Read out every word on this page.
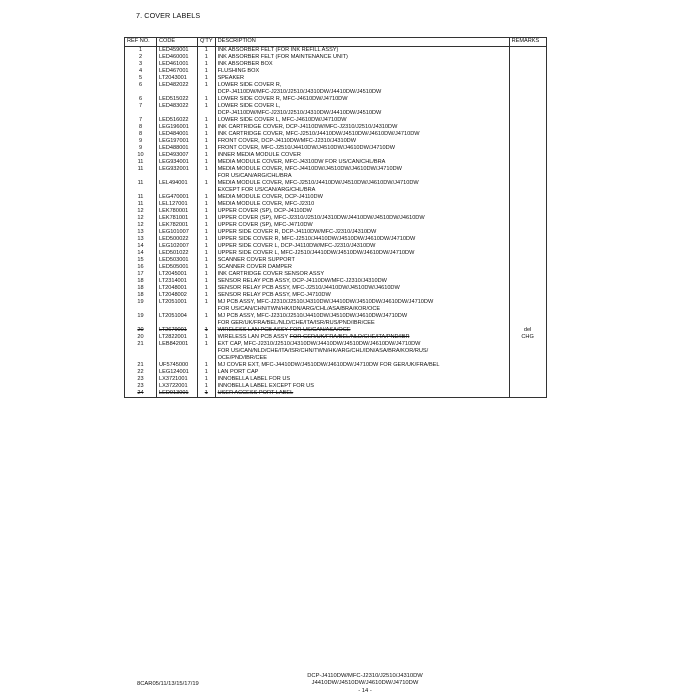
7. COVER LABELS
REF NO.	CODE	Q'TY	DESCRIPTION	REMARKS
1	LED459001	1	INK ABSORBER FELT (FOR INK REFILL ASSY)	
2	LED460001	1	INK ABSORBER FELT (FOR MAINTENANCE UNIT)	
3	LED461001	1	INK ABSORBER BOX	
4	LED467001	1	FLUSHING BOX	
5	LT2043001	1	SPEAKER	
6	LED482022	1	LOWER SIDE COVER R,	
			DCP-J4110DW/MFC-J2310/J2510/J4310DW/J4410DW/J4510DW	
6	LED515022	1	LOWER SIDE COVER R, MFC-J4610DW/J4710DW	
7	LED483022	1	LOWER SIDE COVER L,	
			DCP-J4110DW/MFC-J2310/J2510/J4310DW/J4410DW/J4510DW	
7	LED516022	1	LOWER SIDE COVER L, MFC-J4610DW/J4710DW	
8	LEG196001	1	INK CARTRIDGE COVER, DCP-J4110DW/MFC-J2310/J2510/J4310DW	
8	LED484001	1	INK CARTRIDGE COVER, MFC-J2510/J4410DW/J4510DW/J4610DW/J4710DW	
9	LEG197001	1	FRONT COVER, DCP-J4110DW/MFC-J2310/J4310DW	
9	LED488001	1	FRONT COVER, MFC-J2510/J4410DW/J4510DW/J4610DW/J4710DW	
10	LED493007	1	INNER MEDIA MODULE COVER	
11	LEG934001	1	MEDIA MODULE COVER, MFC-J4310DW FOR US/CAN/CHL/BRA	
11	LEG932001	1	MEDIA MODULE COVER, MFC-J4410DW/J4510DW/J4610DW/J4710DW	
			FOR US/CAN/ARG/CHL/BRA	
11	LEL494001	1	MEDIA MODULE COVER, MFC-J2510/J4410DW/J4510DW/J4610DW/J4710DW	
			EXCEPT FOR US/CAN/ARG/CHL/BRA	
11	LEG470001	1	MEDIA MODULE COVER, DCP-J4110DW	
11	LEL127001	1	MEDIA MODULE COVER, MFC-J2310	
12	LEK780001	1	UPPER COVER (SP), DCP-J4110DW	
12	LEK781001	1	UPPER COVER (SP), MFC-J2310/J2510/J4310DW/J4410DW/J4510DW/J4610DW	
12	LEK782001	1	UPPER COVER (SP), MFC-J4710DW	
13	LEG101007	1	UPPER SIDE COVER R, DCP-J4110DW/MFC-J2310/J4310DW	
13	LED500022	1	UPPER SIDE COVER R, MFC-J2510/J4410DW/J4510DW/J4610DW/J4710DW	
14	LEG102007	1	UPPER SIDE COVER L, DCP-J4110DW/MFC-J2310/J4310DW	
14	LED501022	1	UPPER SIDE COVER L, MFC-J2510/J4410DW/J4510DW/J4610DW/J4710DW	
15	LED503001	1	SCANNER COVER SUPPORT	
16	LED505001	1	SCANNER COVER DAMPER	
17	LT2045001	1	INK CARTRIDGE COVER SENSOR ASSY	
18	LT2314001	1	SENSOR RELAY PCB ASSY, DCP-J4110DW/MFC-J2310/J4310DW	
18	LT2048001	1	SENSOR RELAY PCB ASSY, MFC-J2510/J4410DW/J4510DW/J4610DW	
18	LT2048002	1	SENSOR RELAY PCB ASSY, MFC-J4710DW	
19	LT2051001	1	MJ PCB ASSY, MFC-J2310/J2510/J4310DW/J4410DW/J4510DW/J4610DW/J4710DW	
			FOR US/CAN/CHN/TWN/HK/IDN/ARG/CHL/ASA/BRA/KOR/OCE	
19	LT2051004	1	MJ PCB ASSY, MFC-J2310/J2510/J4410DW/J4510DW/J4610DW/J4710DW	
			FOR GER/UK/FRA/BEL/NLD/CHE/ITA/ISR/RUS/PND/IBR/CEE	
20	LT2679001	1	WIRELESS LAN PCB ASSY FOR US/CAN/ASA/OCE	del
20	LT2822001	1	WIRELESS LAN PCB ASSY FOR GER/UK/FRA/BEL/NLD/CHE/ITA/PND/IBR	CHG
21	LEB842001	1	EXT CAP, MFC-J2310/J2510/J4310DW/J4410DW/J4510DW/J4610DW/J4710DW	
			FOR US/CAN/NLD/CHE/ITA/ISR/CHN/TWN/HK/ARG/CHL/IDN/ASA/BRA/KOR/RUS/	
			OCE/PND/IBR/CEE	
21	UF5745000	1	MJ COVER EXT, MFC-J4410DW/J4510DW/J4610DW/J4710DW FOR GER/UK/FRA/BEL	
22	LEG124001	1	LAN PORT CAP	
23	LX3721001	1	INNOBELLA LABEL FOR US	
23	LX3722001	1	INNOBELLA LABEL EXCEPT FOR US	
24	LED913001	1	USER ACCESS PORT LABEL	
8CAR05/11/13/15/17/19
DCP-J4110DW/MFC-J2310/J2510/J4310DW
J4410DW/J4510DW/J4610DW/J4710DW
- 14 -
